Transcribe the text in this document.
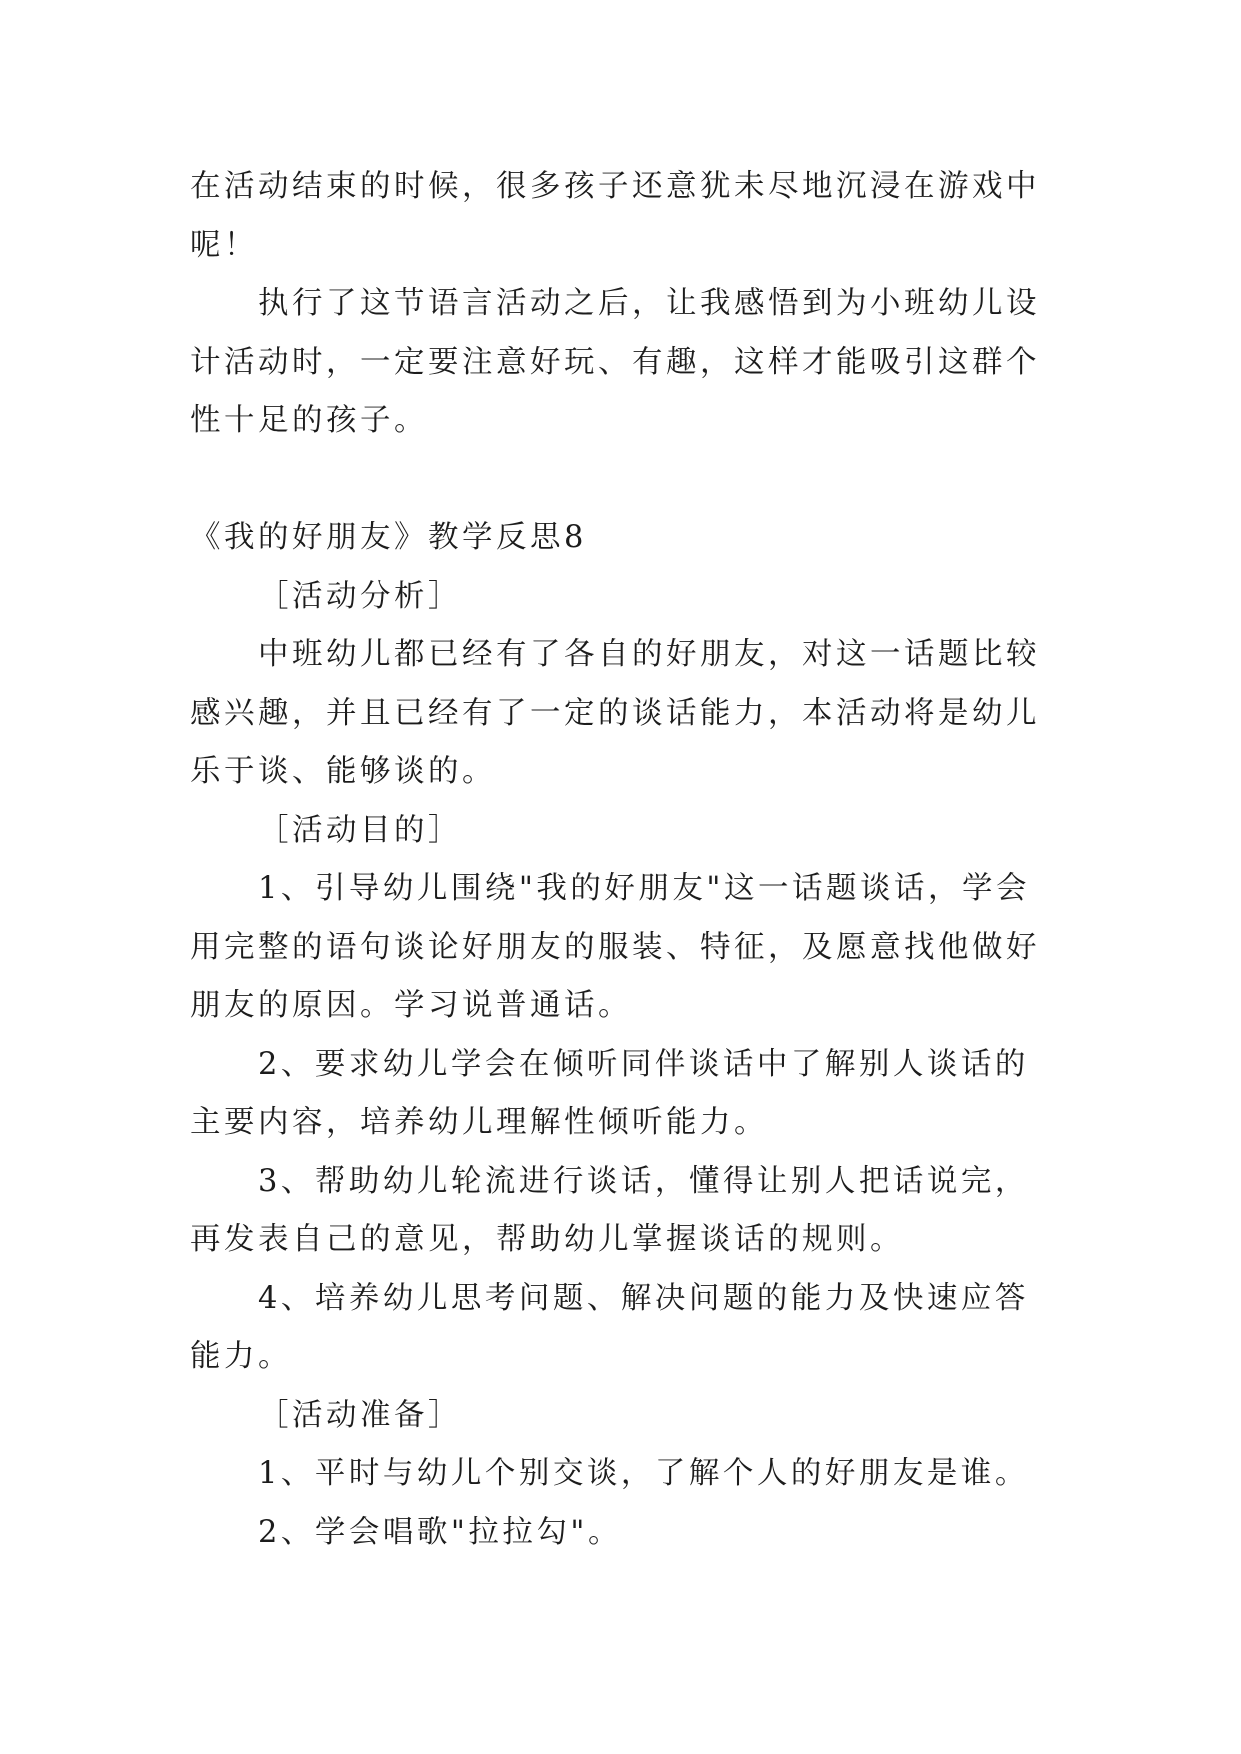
在活动结束的时候，很多孩子还意犹未尽地沉浸在游戏中呢！

执行了这节语言活动之后，让我感悟到为小班幼儿设计活动时，一定要注意好玩、有趣，这样才能吸引这群个性十足的孩子。

《我的好朋友》教学反思8

［活动分析］

中班幼儿都已经有了各自的好朋友，对这一话题比较感兴趣，并且已经有了一定的谈话能力，本活动将是幼儿乐于谈、能够谈的。

［活动目的］

1、引导幼儿围绕"我的好朋友"这一话题谈话，学会用完整的语句谈论好朋友的服装、特征，及愿意找他做好朋友的原因。学习说普通话。

2、要求幼儿学会在倾听同伴谈话中了解别人谈话的主要内容，培养幼儿理解性倾听能力。

3、帮助幼儿轮流进行谈话，懂得让别人把话说完，再发表自己的意见，帮助幼儿掌握谈话的规则。

4、培养幼儿思考问题、解决问题的能力及快速应答能力。

［活动准备］

1、平时与幼儿个别交谈，了解个人的好朋友是谁。

2、学会唱歌"拉拉勾"。
